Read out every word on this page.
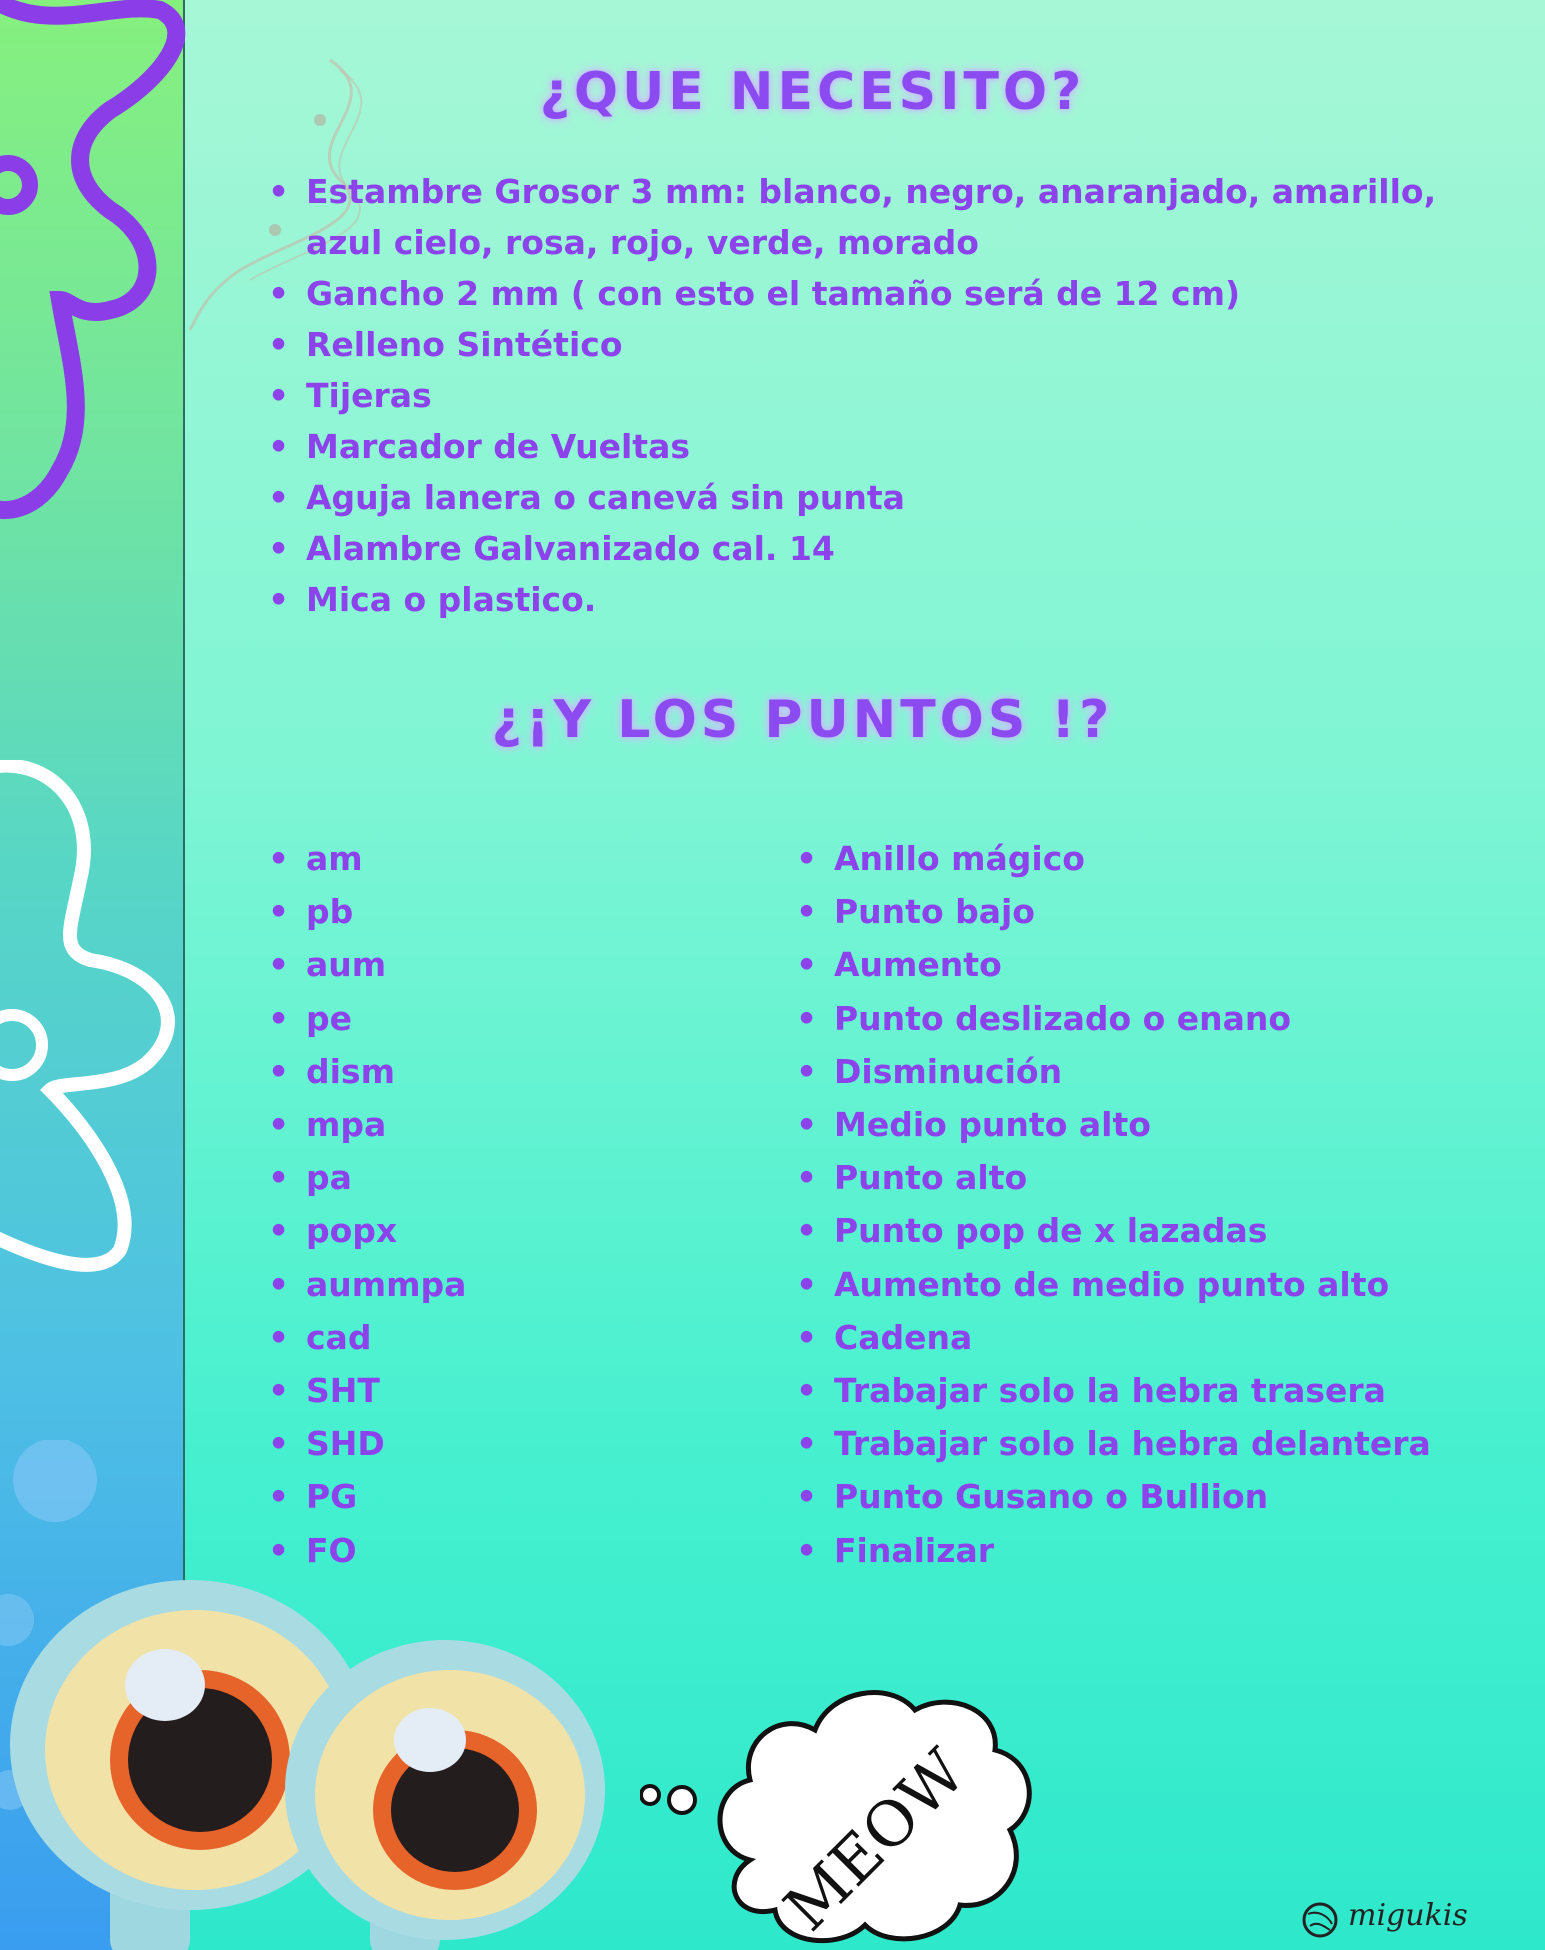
¿QUE NECESITO?
• Estambre Grosor 3 mm: blanco, negro, anaranjado, amarillo, azul cielo, rosa, rojo, verde, morado
• Gancho 2 mm ( con esto el tamaño será de 12 cm)
• Relleno Sintético
• Tijeras
• Marcador de Vueltas
• Aguja lanera o canevá sin punta
• Alambre Galvanizado cal. 14
• Mica o plastico.
¿¡Y LOS PUNTOS !?
• am
• pb
• aum
• pe
• dism
• mpa
• pa
• popx
• aummpa
• cad
• SHT
• SHD
• PG
• FO
• Anillo mágico
• Punto bajo
• Aumento
• Punto deslizado o enano
• Disminución
• Medio punto alto
• Punto alto
• Punto pop de x lazadas
• Aumento de medio punto alto
• Cadena
• Trabajar solo la hebra trasera
• Trabajar solo la hebra delantera
• Punto Gusano o Bullion
• Finalizar
MEOW	migukis
